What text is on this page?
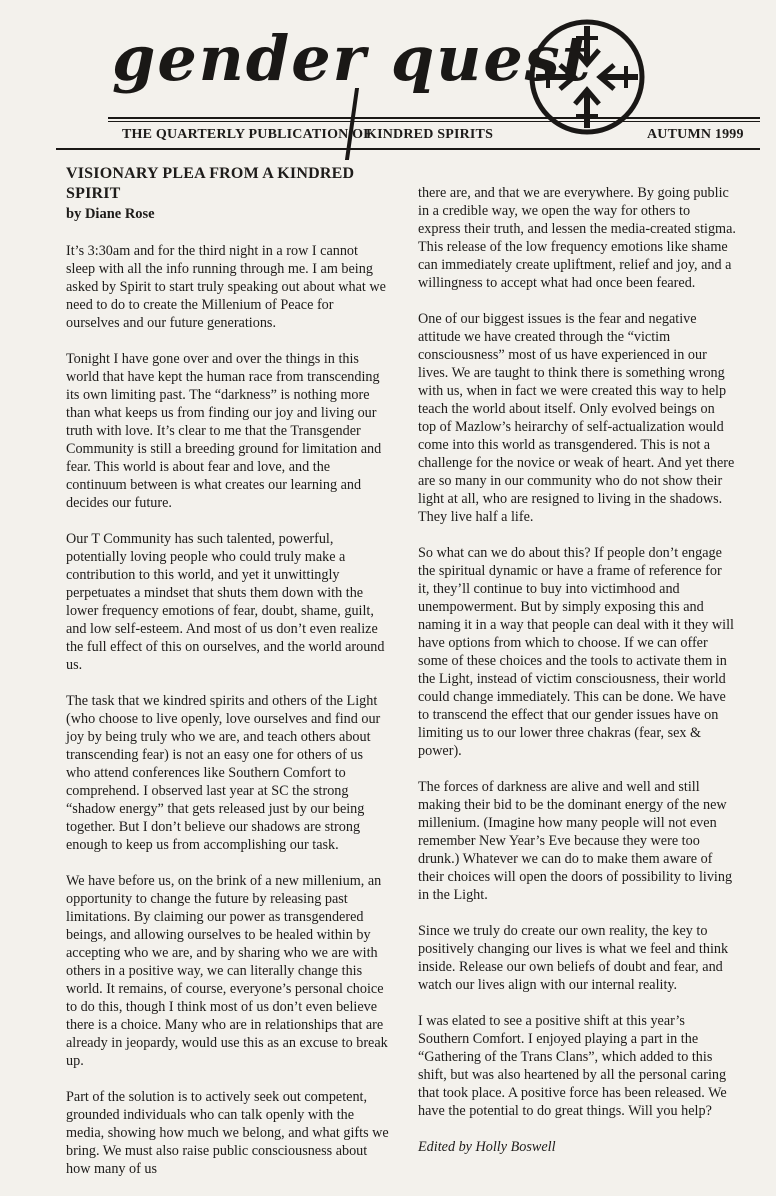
gender quest
THE QUARTERLY PUBLICATION OF
KINDRED SPIRITS	AUTUMN 1999
VISIONARY PLEA FROM A KINDRED SPIRIT
by Diane Rose

It’s 3:30am and for the third night in a row I cannot sleep with all the info running through me. I am being asked by Spirit to start truly speaking out about what we need to do to create the Millenium of Peace for ourselves and our future generations.

Tonight I have gone over and over the things in this world that have kept the human race from transcending its own limiting past. The “darkness” is nothing more than what keeps us from finding our joy and living our truth with love. It’s clear to me that the Transgender Community is still a breeding ground for limitation and fear. This world is about fear and love, and the continuum between is what creates our learning and decides our future.

Our T Community has such talented, powerful, potentially loving people who could truly make a contribution to this world, and yet it unwittingly perpetuates a mindset that shuts them down with the lower frequency emotions of fear, doubt, shame, guilt, and low self-esteem. And most of us don’t even realize the full effect of this on ourselves, and the world around us.

The task that we kindred spirits and others of the Light (who choose to live openly, love ourselves and find our joy by being truly who we are, and teach others about transcending fear) is not an easy one for others of us who attend conferences like Southern Comfort to comprehend. I observed last year at SC the strong “shadow energy” that gets released just by our being together. But I don’t believe our shadows are strong enough to keep us from accomplishing our task.

We have before us, on the brink of a new millenium, an opportunity to change the future by releasing past limitations. By claiming our power as transgendered beings, and allowing ourselves to be healed within by accepting who we are, and by sharing who we are with others in a positive way, we can literally change this world. It remains, of course, everyone’s personal choice to do this, though I think most of us don’t even believe there is a choice. Many who are in relationships that are already in jeopardy, would use this as an excuse to break up.

Part of the solution is to actively seek out competent, grounded individuals who can talk openly with the media, showing how much we belong, and what gifts we bring. We must also raise public consciousness about how many of us

there are, and that we are everywhere. By going public in a credible way, we open the way for others to express their truth, and lessen the media-created stigma. This release of the low frequency emotions like shame can immediately create upliftment, relief and joy, and a willingness to accept what had once been feared.

One of our biggest issues is the fear and negative attitude we have created through the “victim consciousness” most of us have experienced in our lives. We are taught to think there is something wrong with us, when in fact we were created this way to help teach the world about itself. Only evolved beings on top of Mazlow’s heirarchy of self-actualization would come into this world as transgendered. This is not a challenge for the novice or weak of heart. And yet there are so many in our community who do not show their light at all, who are resigned to living in the shadows. They live half a life.

So what can we do about this? If people don’t engage the spiritual dynamic or have a frame of reference for it, they’ll continue to buy into victimhood and unempowerment. But by simply exposing this and naming it in a way that people can deal with it they will have options from which to choose. If we can offer some of these choices and the tools to activate them in the Light, instead of victim consciousness, their world could change immediately. This can be done. We have to transcend the effect that our gender issues have on limiting us to our lower three chakras (fear, sex & power).

The forces of darkness are alive and well and still making their bid to be the dominant energy of the new millenium. (Imagine how many people will not even remember New Year’s Eve because they were too drunk.) Whatever we can do to make them aware of their choices will open the doors of possibility to living in the Light.

Since we truly do create our own reality, the key to positively changing our lives is what we feel and think inside. Release our own beliefs of doubt and fear, and watch our lives align with our internal reality.

I was elated to see a positive shift at this year’s Southern Comfort. I enjoyed playing a part in the “Gathering of the Trans Clans”, which added to this shift, but was also heartened by all the personal caring that took place. A positive force has been released. We have the potential to do great things. Will you help?

Edited by Holly Boswell
